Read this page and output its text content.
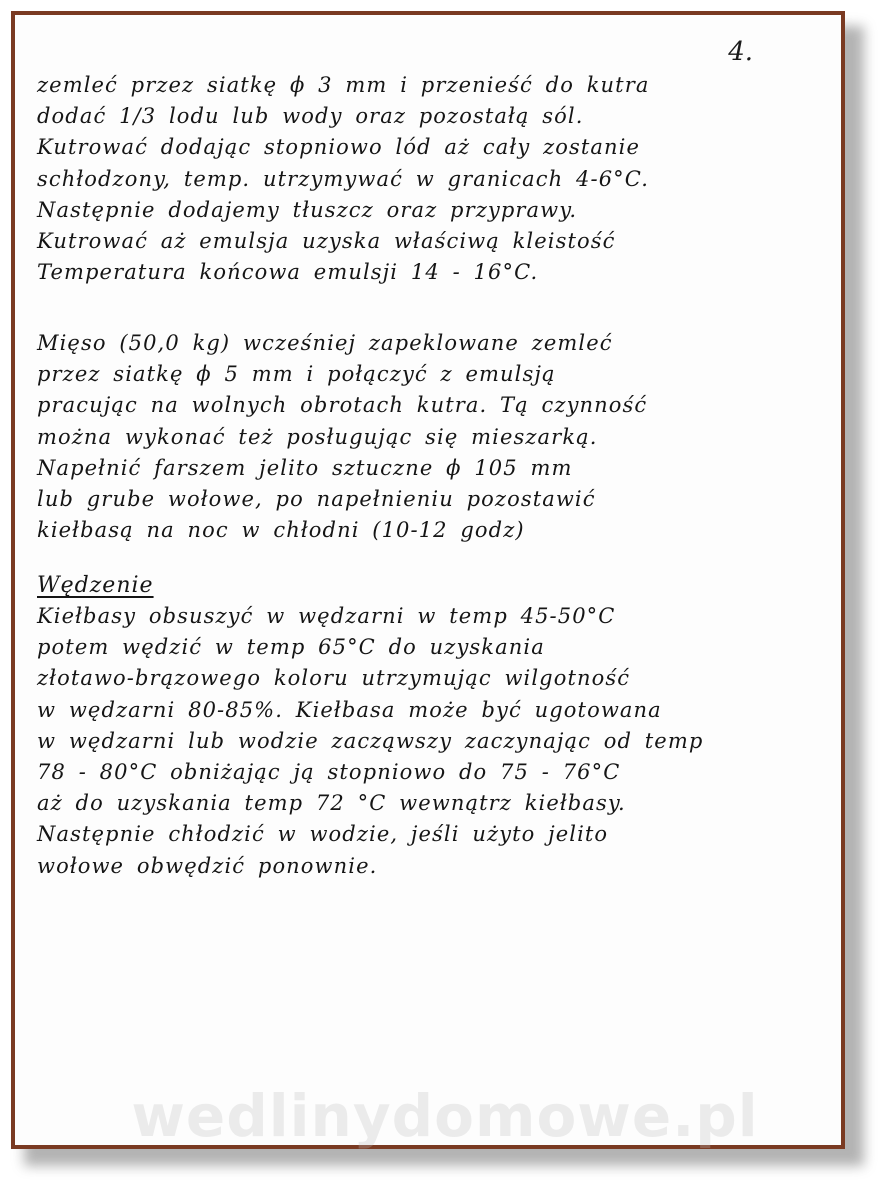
4.
zemleć przez siatkę ϕ 3 mm i przenieść do kutra
dodać 1/3 lodu lub wody oraz pozostałą sól.
Kutrować dodając stopniowo lód aż cały zostanie
schłodzony, temp. utrzymywać w granicach 4-6°C.
Następnie dodajemy tłuszcz oraz przyprawy.
Kutrować aż emulsja uzyska właściwą kleistość
Temperatura końcowa emulsji 14 - 16°C.
Mięso (50,0 kg) wcześniej zapeklowane zemleć
przez siatkę ϕ 5 mm i połączyć z emulsją
pracując na wolnych obrotach kutra. Tą czynność
można wykonać też posługując się mieszarką.
Napełnić farszem jelito sztuczne ϕ 105 mm
lub grube wołowe, po napełnieniu pozostawić
kiełbasą na noc w chłodni (10-12 godz)
Wędzenie
Kiełbasy obsuszyć w wędzarni w temp 45-50°C
potem wędzić w temp 65°C do uzyskania
złotawo-brązowego koloru utrzymując wilgotność
w wędzarni 80-85%. Kiełbasa może być ugotowana
w wędzarni lub wodzie zacząwszy zaczynając od temp
78 - 80°C obniżając ją stopniowo do 75 - 76°C
aż do uzyskania temp 72 °C wewnątrz kiełbasy.
Następnie chłodzić w wodzie, jeśli użyto jelito
wołowe obwędzić ponownie.
wedlinydomowe.pl
